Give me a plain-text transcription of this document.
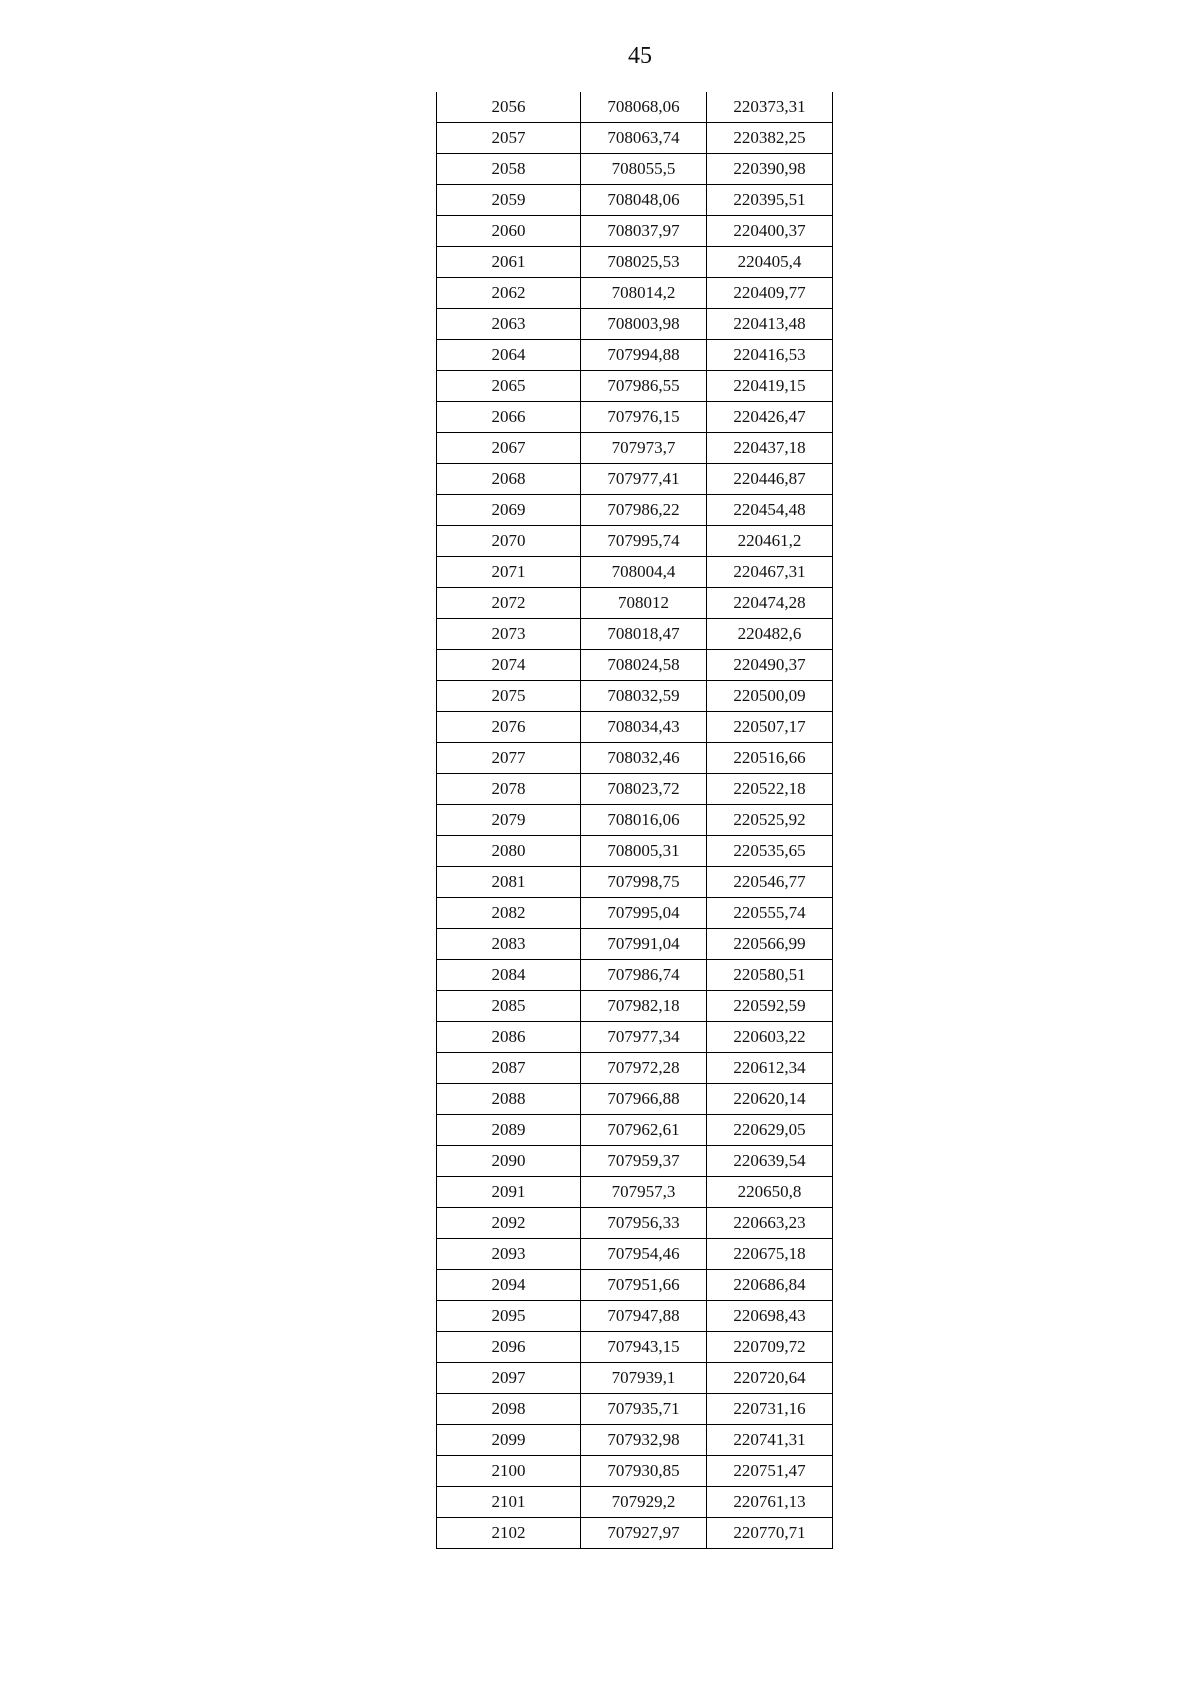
45
2056	708068,06	220373,31
2057	708063,74	220382,25
2058	708055,5	220390,98
2059	708048,06	220395,51
2060	708037,97	220400,37
2061	708025,53	220405,4
2062	708014,2	220409,77
2063	708003,98	220413,48
2064	707994,88	220416,53
2065	707986,55	220419,15
2066	707976,15	220426,47
2067	707973,7	220437,18
2068	707977,41	220446,87
2069	707986,22	220454,48
2070	707995,74	220461,2
2071	708004,4	220467,31
2072	708012	220474,28
2073	708018,47	220482,6
2074	708024,58	220490,37
2075	708032,59	220500,09
2076	708034,43	220507,17
2077	708032,46	220516,66
2078	708023,72	220522,18
2079	708016,06	220525,92
2080	708005,31	220535,65
2081	707998,75	220546,77
2082	707995,04	220555,74
2083	707991,04	220566,99
2084	707986,74	220580,51
2085	707982,18	220592,59
2086	707977,34	220603,22
2087	707972,28	220612,34
2088	707966,88	220620,14
2089	707962,61	220629,05
2090	707959,37	220639,54
2091	707957,3	220650,8
2092	707956,33	220663,23
2093	707954,46	220675,18
2094	707951,66	220686,84
2095	707947,88	220698,43
2096	707943,15	220709,72
2097	707939,1	220720,64
2098	707935,71	220731,16
2099	707932,98	220741,31
2100	707930,85	220751,47
2101	707929,2	220761,13
2102	707927,97	220770,71
